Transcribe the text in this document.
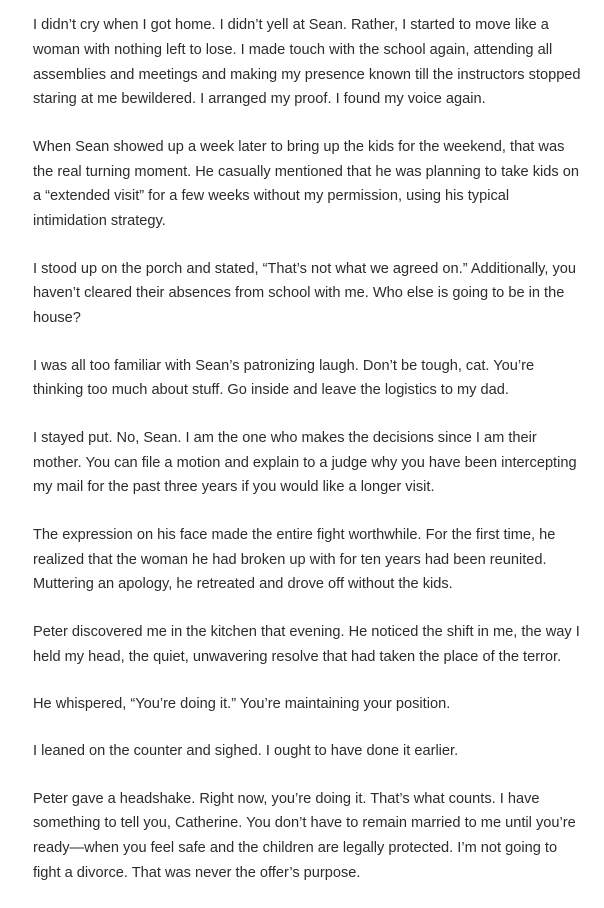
I didn’t cry when I got home. I didn’t yell at Sean. Rather, I started to move like a woman with nothing left to lose. I made touch with the school again, attending all assemblies and meetings and making my presence known till the instructors stopped staring at me bewildered. I arranged my proof. I found my voice again.

When Sean showed up a week later to bring up the kids for the weekend, that was the real turning moment. He casually mentioned that he was planning to take kids on a “extended visit” for a few weeks without my permission, using his typical intimidation strategy.

I stood up on the porch and stated, “That’s not what we agreed on.” Additionally, you haven’t cleared their absences from school with me. Who else is going to be in the house?

I was all too familiar with Sean’s patronizing laugh. Don’t be tough, cat. You’re thinking too much about stuff. Go inside and leave the logistics to my dad.

I stayed put. No, Sean. I am the one who makes the decisions since I am their mother. You can file a motion and explain to a judge why you have been intercepting my mail for the past three years if you would like a longer visit.

The expression on his face made the entire fight worthwhile. For the first time, he realized that the woman he had broken up with for ten years had been reunited. Muttering an apology, he retreated and drove off without the kids.

Peter discovered me in the kitchen that evening. He noticed the shift in me, the way I held my head, the quiet, unwavering resolve that had taken the place of the terror.

He whispered, “You’re doing it.” You’re maintaining your position.

I leaned on the counter and sighed. I ought to have done it earlier.

Peter gave a headshake. Right now, you’re doing it. That’s what counts. I have something to tell you, Catherine. You don’t have to remain married to me until you’re ready—when you feel safe and the children are legally protected. I’m not going to fight a divorce. That was never the offer’s purpose.
